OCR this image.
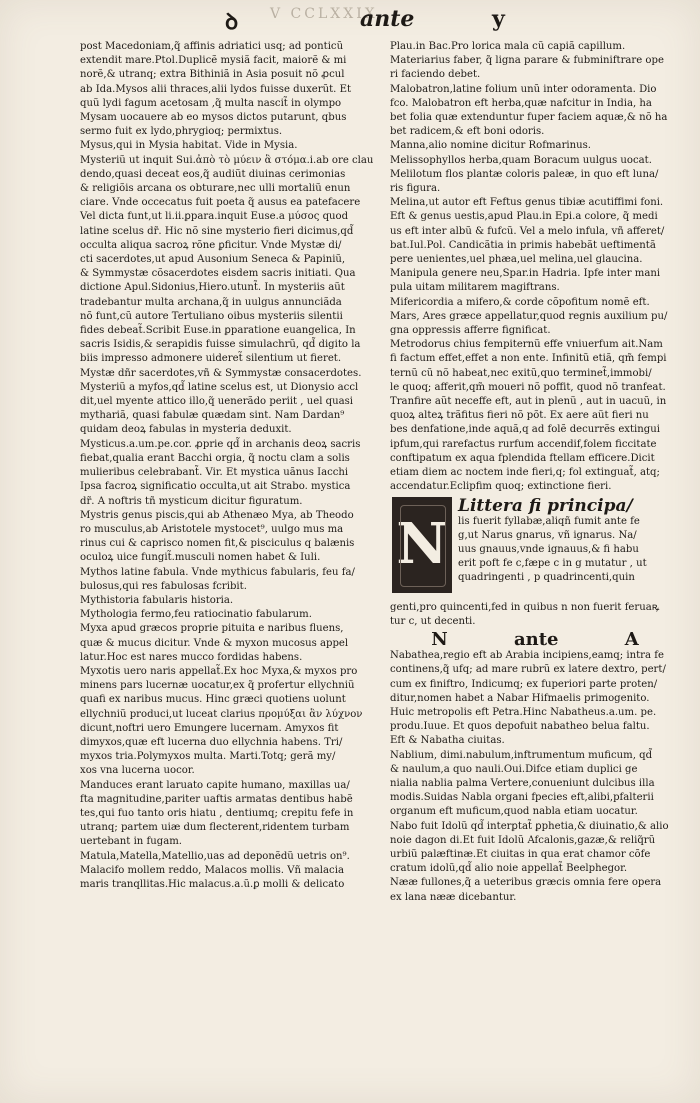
V CCLXXIX
ꝺ	ante	y

post Macedoniam,q̃ affinis adriatici usq; ad ponticũ

extendit mare.Ptol.Duplicẽ mysiã facit, maiorẽ & mi

norẽ,& utranq; extra Bithiniã in Asia posuit nõ ꝓcul

ab Ida.Mysos alii thraces,alii lydos fuisse duxerũt. Et

quũ lydi fagum acetosam ,q̃ multa nascit̃ in olympo

Mysam uocauere ab eo mysos dictos putarunt, qbus

sermo fuit ex lydo,phrygioq; permixtus.

Mysus,qui in Mysia habitat. Vide in Mysia.

Mysteriũ ut inquit Sui.ἀπὸ τὸ μύειν ἃ στόμα.i.ab ore clau

dendo,quasi deceat eos,q̃ audiũt diuinas cerimonias

& religiõis arcana os obturare,nec ulli mortaliũ enun

ciare. Vnde occecatus fuit poeta q̃ ausus ea patefacere

Vel dicta funt,ut li.ii.ꝑpara.inquit Euse.a μύσος quod

latine scelus dr̃. Hic nõ sine mysterio fieri dicimus,qd̃

occulta aliqua sacroꝝ rõne ꝑficitur. Vnde Mystæ di/

cti sacerdotes,ut apud Ausonium Seneca & Papiniũ,

& Symmystæ cõsacerdotes eisdem sacris initiati. Qua

dictione Apul.Sidonius,Hiero.utunt̃. In mysteriis aũt

tradebantur multa archana,q̃ in uulgus annunciãda

nõ funt,cũ autore Tertuliano oibus mysteriis silentii

fides debeat̃.Scribit Euse.in ꝑparatione euangelica, In

sacris Isidis,& serapidis fuisse simulachrũ, qd̃ digito la

biis impresso admonere uideret̃ silentium ut fieret.

Mystæ dñr sacerdotes,vñ & Symmystæ consacerdotes.

Mysteriũ a myfos,qd̃ latine scelus est, ut Dionysio accl

dit,uel myente attico illo,q̃ uenerãdo periit , uel quasi

mythariã, quasi fabulæ quædam sint. Nam Dardan⁹

quidam deoꝝ fabulas in mysteria deduxit.

Mysticus.a.um.pe.cor. ꝓprie qd̃ in archanis deoꝝ sacris

fiebat,qualia erant Bacchi orgia, q̃ noctu clam a solis

mulieribus celebrabant̃. Vir. Et mystica uãnus Iacchi

Ipsa facroꝝ significatio occulta,ut ait Strabo. mystica

dr̃. A noftris tñ mysticum dicitur figuratum.

Mystris genus piscis,qui ab Athenæo Mya, ab Theodo

ro musculus,ab Aristotele mystocet⁹, uulgo mus ma

rinus cui & caprisco nomen fit,& pisciculus q balænis

oculoꝝ uice fungit̃.musculi nomen habet & Iuli.

Mythos latine fabula. Vnde mythicus fabularis, feu fa/

bulosus,qui res fabulosas fcribit.

Mythistoria fabularis historia.

Mythologia fermo,feu ratiocinatio fabularum.

Myxa apud græcos proprie pituita e naribus fluens,

quæ & mucus dicitur. Vnde & myxon mucosus appel

latur.Hoc est nares mucco fordidas habens.

Myxotis uero naris appellat̃.Ex hoc Myxa,& myxos pro

minens pars lucernæ uocatur,ex q̃ profertur ellychniũ

quafi ex naribus mucus. Hinc græci quotiens uolunt

ellychniũ produci,ut luceat clarius προμύξαι ἃν λύχνον

dicunt,noftri uero Emungere lucernam. Amyxos fit

dimyxos,quæ eft lucerna duo ellychnia habens. Tri/

myxos tria.Polymyxos multa. Marti.Totq; gerã my/

xos vna lucerna uocor.

Manduces erant laruato capite humano, maxillas ua/

fta magnitudine,pariter uaftis armatas dentibus habẽ

tes,qui fuo tanto oris hiatu , dentiumq; crepitu fefe in

utranq; partem uiæ dum flecterent,ridentem turbam

uertebant in fugam.

Matula,Matella,Matellio,uas ad deponẽdũ uetris on⁹.

Malacifo mollem reddo, Malacos mollis. Vñ malacia

maris tranqllitas.Hic malacus.a.ũ.ꝑ molli & delicato

Plau.in Bac.Pro lorica mala cũ capiã capillum.

Materiarius faber, q̃ ligna parare & fubminiftrare ope

ri faciendo debet.

Malobatron,latine folium unũ inter odoramenta. Dio

fco. Malobatron eft herba,quæ nafcitur in India, ha

bet folia quæ extenduntur fuper faciem aquæ,& nõ ha

bet radicem,& eft boni odoris.

Manna,alio nomine dicitur Rofmarinus.

Melissophyllos herba,quam Boracum uulgus uocat.

Melilotum flos plantæ coloris paleæ, in quo eft luna/

ris figura.

Melina,ut autor eft Feftus genus tibiæ acutiffimi foni.

Eft & genus uestis,apud Plau.in Epi.a colore, q̃ medi

us eft inter albũ & fufcũ. Vel a melo infula, vñ afferet/

bat.Iul.Pol. Candicãtia in primis habebãt ueftimentã

pere uenientes,uel phæa,uel melina,uel glaucina.

Manipula genere neu,Spar.in Hadria. Ipfe inter mani

pula uitam militarem magiftrans.

Mifericordia a mifero,& corde cõpofitum nomẽ eft.

Mars, Ares græce appellatur,quod regnis auxilium pu/

gna oppressis afferre fignificat.

Metrodorus chius fempiternũ effe vniuerfum ait.Nam

fi factum effet,effet a non ente. Infinitũ etiã, qm̃ fempi

ternũ cũ nõ habeat,nec exitũ,quo terminet̃,immobi/

le quoq; afferit,qm̃ moueri nõ poffit, quod nõ tranfeat.

Tranfire aũt neceffe eft, aut in plenũ , aut in uacuũ, in

quoꝝ alteꝝ trãfitus fieri nõ põt. Ex aere aũt fieri nu

bes denfatione,inde aquã,q ad folẽ decurrẽs extingui

ipfum,qui rarefactus rurfum accendif,folem ficcitate

conftipatum ex aqua fplendida ftellam efficere.Dicit

etiam diem ac noctem inde fieri,q; fol extinguat̃, atq;

accendatur.Eclipfim quoq; extinctione fieri.

N

Littera fi principa/

lis fuerit fyllabæ,aliqñ fumit ante fe

g,ut Narus gnarus, vñ ignarus. Na/

uus gnauus,vnde ignauus,& fi habu

erit poft fe c,fæpe c in g mutatur , ut

quadringenti , p quadrincenti,quin

genti,pro quincenti,fed in quibus n non fuerit feruaꝶ

tur c, ut decenti.

N	ante	A

Nabathea,regio eft ab Arabia incipiens,eamq; intra fe

continens,q̃ ufq; ad mare rubrũ ex latere dextro, pert/

cum ex finiftro, Indicumq; ex fuperiori parte proten/

ditur,nomen habet a Nabar Hifmaelis primogenito.

Huic metropolis eft Petra.Hinc Nabatheus.a.um. pe.

produ.Iuue. Et quos depofuit nabatheo belua faltu.

Eft & Nabatha ciuitas.

Nablium, dimi.nabulum,inftrumentum muficum, qd̃

& naulum,a quo nauli.Oui.Difce etiam duplici ge

nialia nablia palma Vertere,conueniunt dulcibus illa

modis.Suidas Nabla organi fpecies eft,alibi,pfalterii

organum eft muficum,quod nabla etiam uocatur.

Nabo fuit Idolũ qd̃ interꝑtat̃ ꝑphetia,& diuinatio,& alio

noie dagon di.Et fuit Idolũ Afcalonis,gazæ,& reliq̃rũ

urbiũ palæftinæ.Et ciuitas in qua erat chamor cõfe

cratum idolũ,qd̃ alio noie appellat̃ Beelphegor.

Nææ fullones,q̃ a ueteribus græcis omnia fere opera

ex lana nææ dicebantur.
